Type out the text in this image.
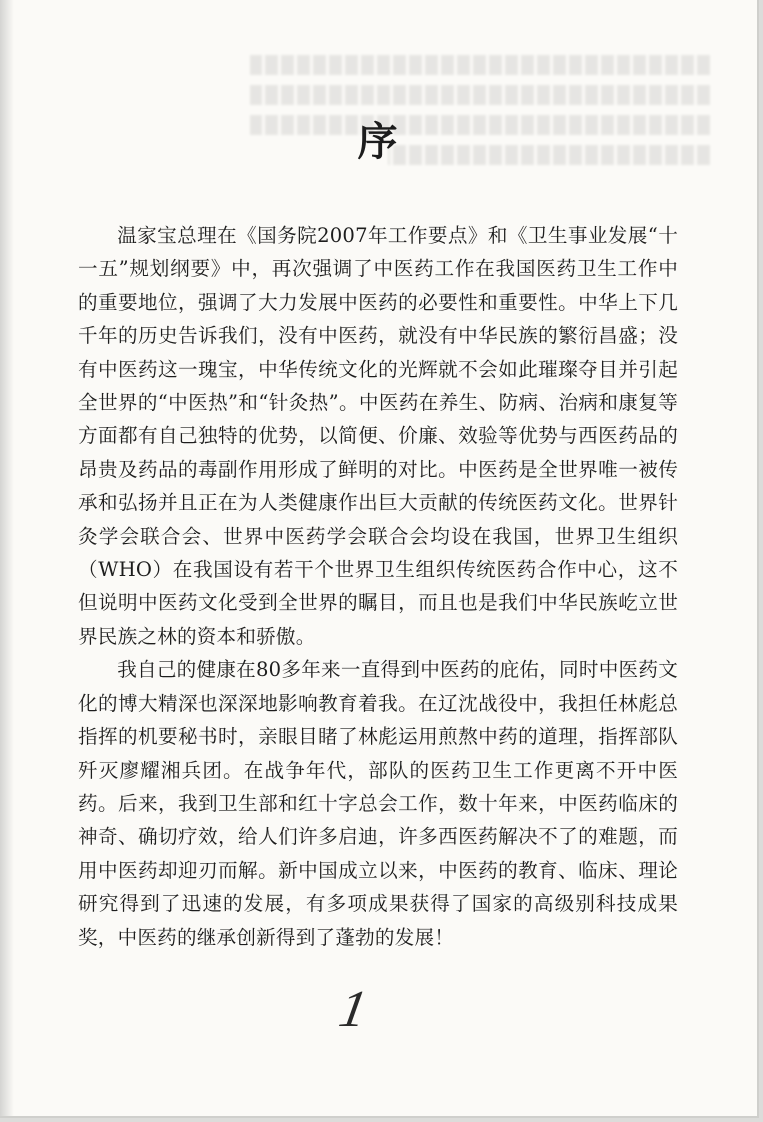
序

温家宝总理在《国务院2007年工作要点》和《卫生事业发展“十一五”规划纲要》中，再次强调了中医药工作在我国医药卫生工作中的重要地位，强调了大力发展中医药的必要性和重要性。中华上下几千年的历史告诉我们，没有中医药，就没有中华民族的繁衍昌盛；没有中医药这一瑰宝，中华传统文化的光辉就不会如此璀璨夺目并引起全世界的“中医热”和“针灸热”。中医药在养生、防病、治病和康复等方面都有自己独特的优势，以简便、价廉、效验等优势与西医药品的昂贵及药品的毒副作用形成了鲜明的对比。中医药是全世界唯一被传承和弘扬并且正在为人类健康作出巨大贡献的传统医药文化。世界针灸学会联合会、世界中医药学会联合会均设在我国，世界卫生组织（WHO）在我国设有若干个世界卫生组织传统医药合作中心，这不但说明中医药文化受到全世界的瞩目，而且也是我们中华民族屹立世界民族之林的资本和骄傲。

我自己的健康在80多年来一直得到中医药的庇佑，同时中医药文化的博大精深也深深地影响教育着我。在辽沈战役中，我担任林彪总指挥的机要秘书时，亲眼目睹了林彪运用煎熬中药的道理，指挥部队歼灭廖耀湘兵团。在战争年代，部队的医药卫生工作更离不开中医药。后来，我到卫生部和红十字总会工作，数十年来，中医药临床的神奇、确切疗效，给人们许多启迪，许多西医药解决不了的难题，而用中医药却迎刃而解。新中国成立以来，中医药的教育、临床、理论研究得到了迅速的发展，有多项成果获得了国家的高级别科技成果奖，中医药的继承创新得到了蓬勃的发展！

1
